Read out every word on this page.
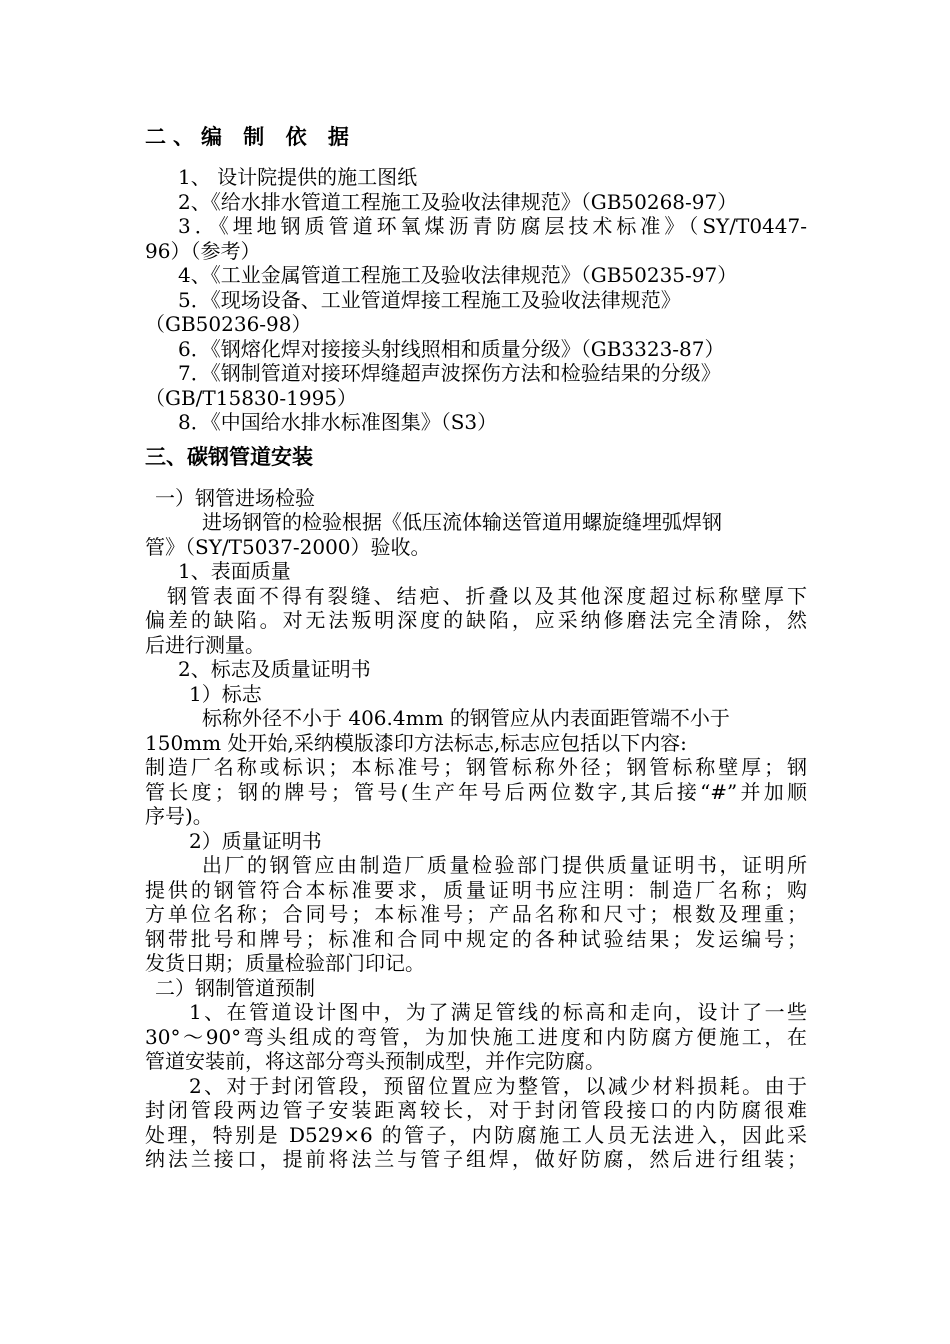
二、编 制 依 据

1、 设计院提供的施工图纸

2、《给水排水管道工程施工及验收法律规范》（GB50268-97）

3．《埋地钢质管道环氧煤沥青防腐层技术标准》（SY/T0447-

96）（参考）

4、《工业金属管道工程施工及验收法律规范》（GB50235-97）

5．《现场设备、工业管道焊接工程施工及验收法律规范》

（GB50236-98）

6．《钢熔化焊对接接头射线照相和质量分级》（GB3323-87）

7．《钢制管道对接环焊缝超声波探伤方法和检验结果的分级》

（GB/T15830-1995）

8．《中国给水排水标准图集》（S3）

三、碳钢管道安装

一）钢管进场检验

进场钢管的检验根据《低压流体输送管道用螺旋缝埋弧焊钢

管》（SY/T5037-2000）验收。

1、表面质量

钢管表面不得有裂缝、结疤、折叠以及其他深度超过标称壁厚下

偏差的缺陷。对无法叛明深度的缺陷，应采纳修磨法完全清除，然

后进行测量。

2、标志及质量证明书

1）标志

标称外径不小于 406.4mm 的钢管应从内表面距管端不小于

150mm 处开始,采纳模版漆印方法标志,标志应包括以下内容:

制造厂名称或标识；本标准号；钢管标称外径；钢管标称壁厚；钢

管长度；钢的牌号；管号(生产年号后两位数字,其后接“#”并加顺

序号)。

2）质量证明书

出厂的钢管应由制造厂质量检验部门提供质量证明书，证明所

提供的钢管符合本标准要求，质量证明书应注明：制造厂名称；购

方单位名称；合同号；本标准号；产品名称和尺寸；根数及理重；

钢带批号和牌号；标准和合同中规定的各种试验结果；发运编号；

发货日期；质量检验部门印记。

二）钢制管道预制

1、在管道设计图中，为了满足管线的标高和走向，设计了一些

30°～90°弯头组成的弯管，为加快施工进度和内防腐方便施工，在

管道安装前，将这部分弯头预制成型，并作完防腐。

2、对于封闭管段，预留位置应为整管，以减少材料损耗。由于

封闭管段两边管子安装距离较长，对于封闭管段接口的内防腐很难

处理，特别是 D529×6 的管子，内防腐施工人员无法进入，因此采

纳法兰接口，提前将法兰与管子组焊，做好防腐，然后进行组装；
